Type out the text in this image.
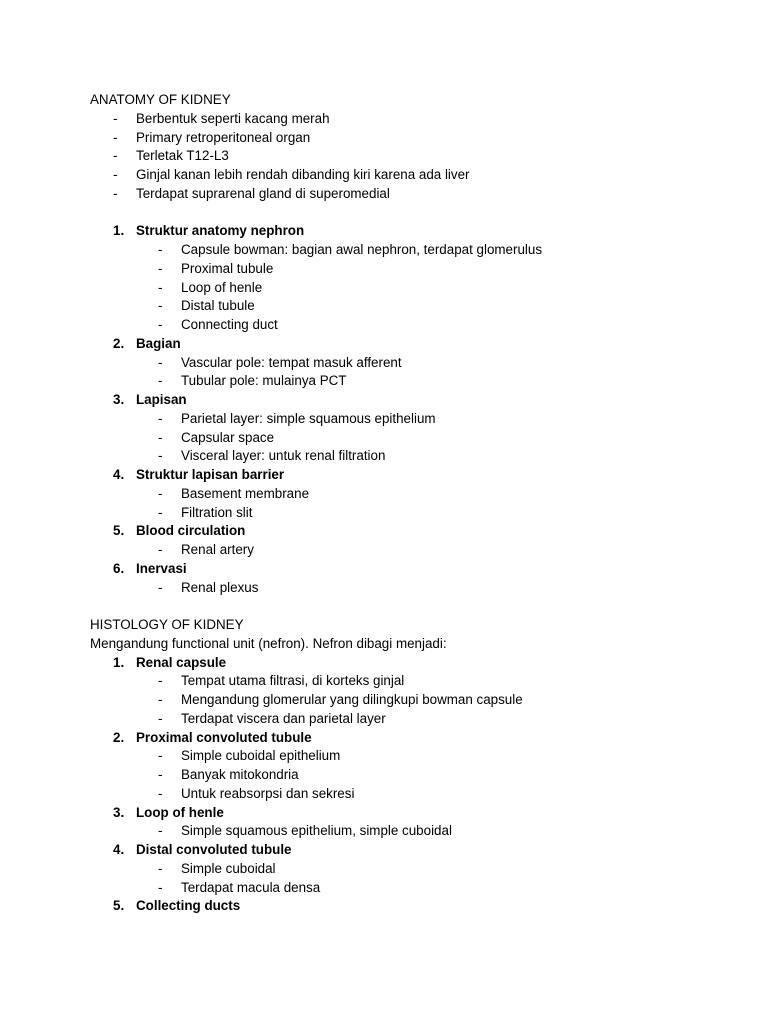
ANATOMY OF KIDNEY
- Berbentuk seperti kacang merah
- Primary retroperitoneal organ
- Terletak T12-L3
- Ginjal kanan lebih rendah dibanding kiri karena ada liver
- Terdapat suprarenal gland di superomedial
1. Struktur anatomy nephron
- Capsule bowman: bagian awal nephron, terdapat glomerulus
- Proximal tubule
- Loop of henle
- Distal tubule
- Connecting duct
2. Bagian
- Vascular pole: tempat masuk afferent
- Tubular pole: mulainya PCT
3. Lapisan
- Parietal layer: simple squamous epithelium
- Capsular space
- Visceral layer: untuk renal filtration
4. Struktur lapisan barrier
- Basement membrane
- Filtration slit
5. Blood circulation
- Renal artery
6. Inervasi
- Renal plexus
HISTOLOGY OF KIDNEY
Mengandung functional unit (nefron). Nefron dibagi menjadi:
1. Renal capsule
- Tempat utama filtrasi, di korteks ginjal
- Mengandung glomerular yang dilingkupi bowman capsule
- Terdapat viscera dan parietal layer
2. Proximal convoluted tubule
- Simple cuboidal epithelium
- Banyak mitokondria
- Untuk reabsorpsi dan sekresi
3. Loop of henle
- Simple squamous epithelium, simple cuboidal
4. Distal convoluted tubule
- Simple cuboidal
- Terdapat macula densa
5. Collecting ducts
